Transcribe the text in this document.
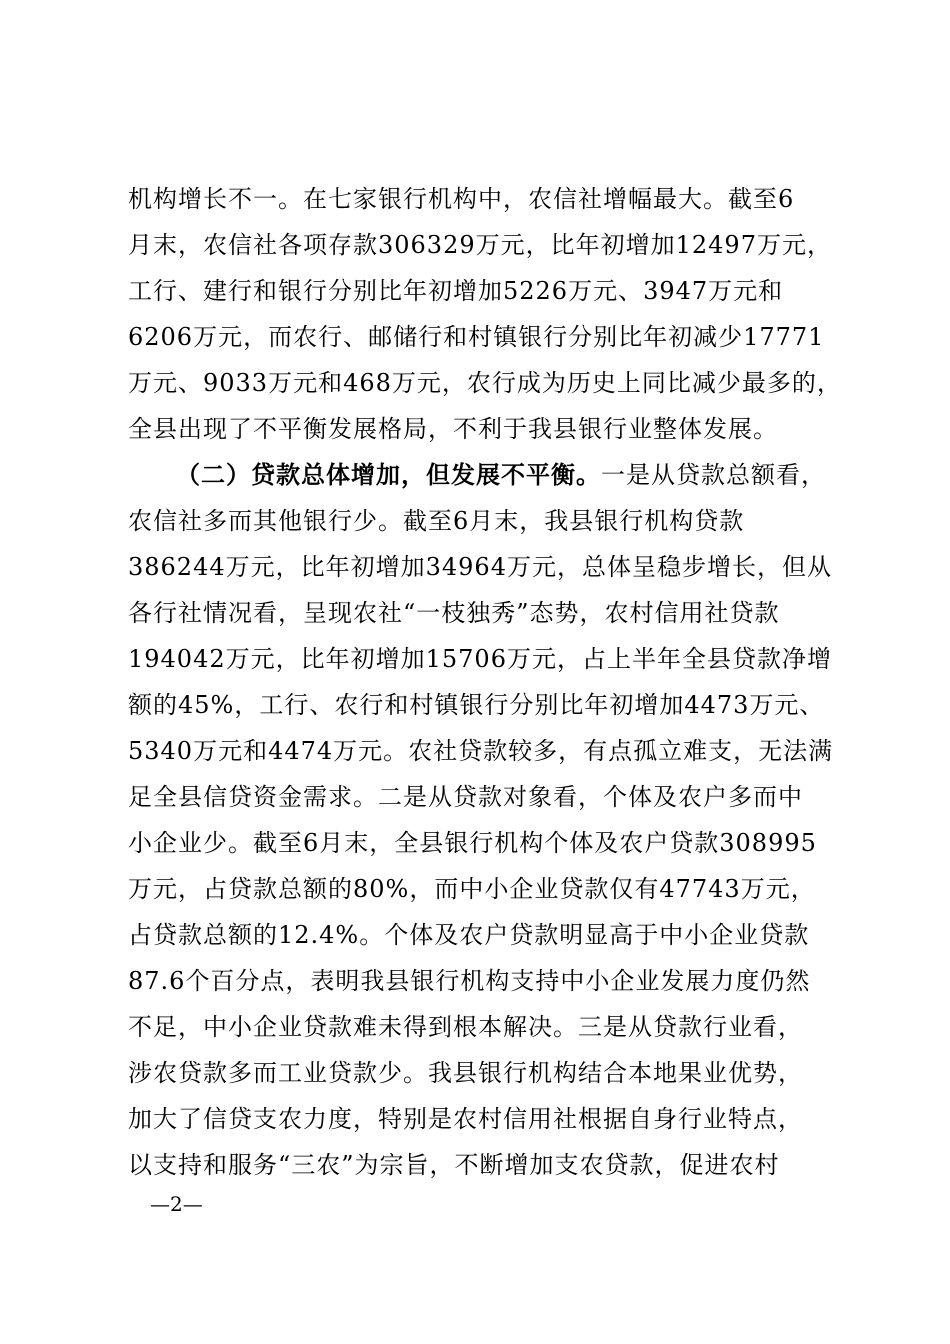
机构增长不一。在七家银行机构中，农信社增幅最大。截至6
月末，农信社各项存款306329万元，比年初增加12497万元，
工行、建行和银行分别比年初增加5226万元、3947万元和
6206万元，而农行、邮储行和村镇银行分别比年初减少17771
万元、9033万元和468万元，农行成为历史上同比减少最多的，
全县出现了不平衡发展格局，不利于我县银行业整体发展。
（二）贷款总体增加，但发展不平衡。一是从贷款总额看，
农信社多而其他银行少。截至6月末，我县银行机构贷款
386244万元，比年初增加34964万元，总体呈稳步增长，但从
各行社情况看，呈现农社“一枝独秀”态势，农村信用社贷款
194042万元，比年初增加15706万元，占上半年全县贷款净增
额的45%，工行、农行和村镇银行分别比年初增加4473万元、
5340万元和4474万元。农社贷款较多，有点孤立难支，无法满
足全县信贷资金需求。二是从贷款对象看，个体及农户多而中
小企业少。截至6月末，全县银行机构个体及农户贷款308995
万元，占贷款总额的80%，而中小企业贷款仅有47743万元，
占贷款总额的12.4%。个体及农户贷款明显高于中小企业贷款
87.6个百分点，表明我县银行机构支持中小企业发展力度仍然
不足，中小企业贷款难未得到根本解决。三是从贷款行业看，
涉农贷款多而工业贷款少。我县银行机构结合本地果业优势，
加大了信贷支农力度，特别是农村信用社根据自身行业特点，
以支持和服务“三农”为宗旨，不断增加支农贷款，促进农村
—2—
